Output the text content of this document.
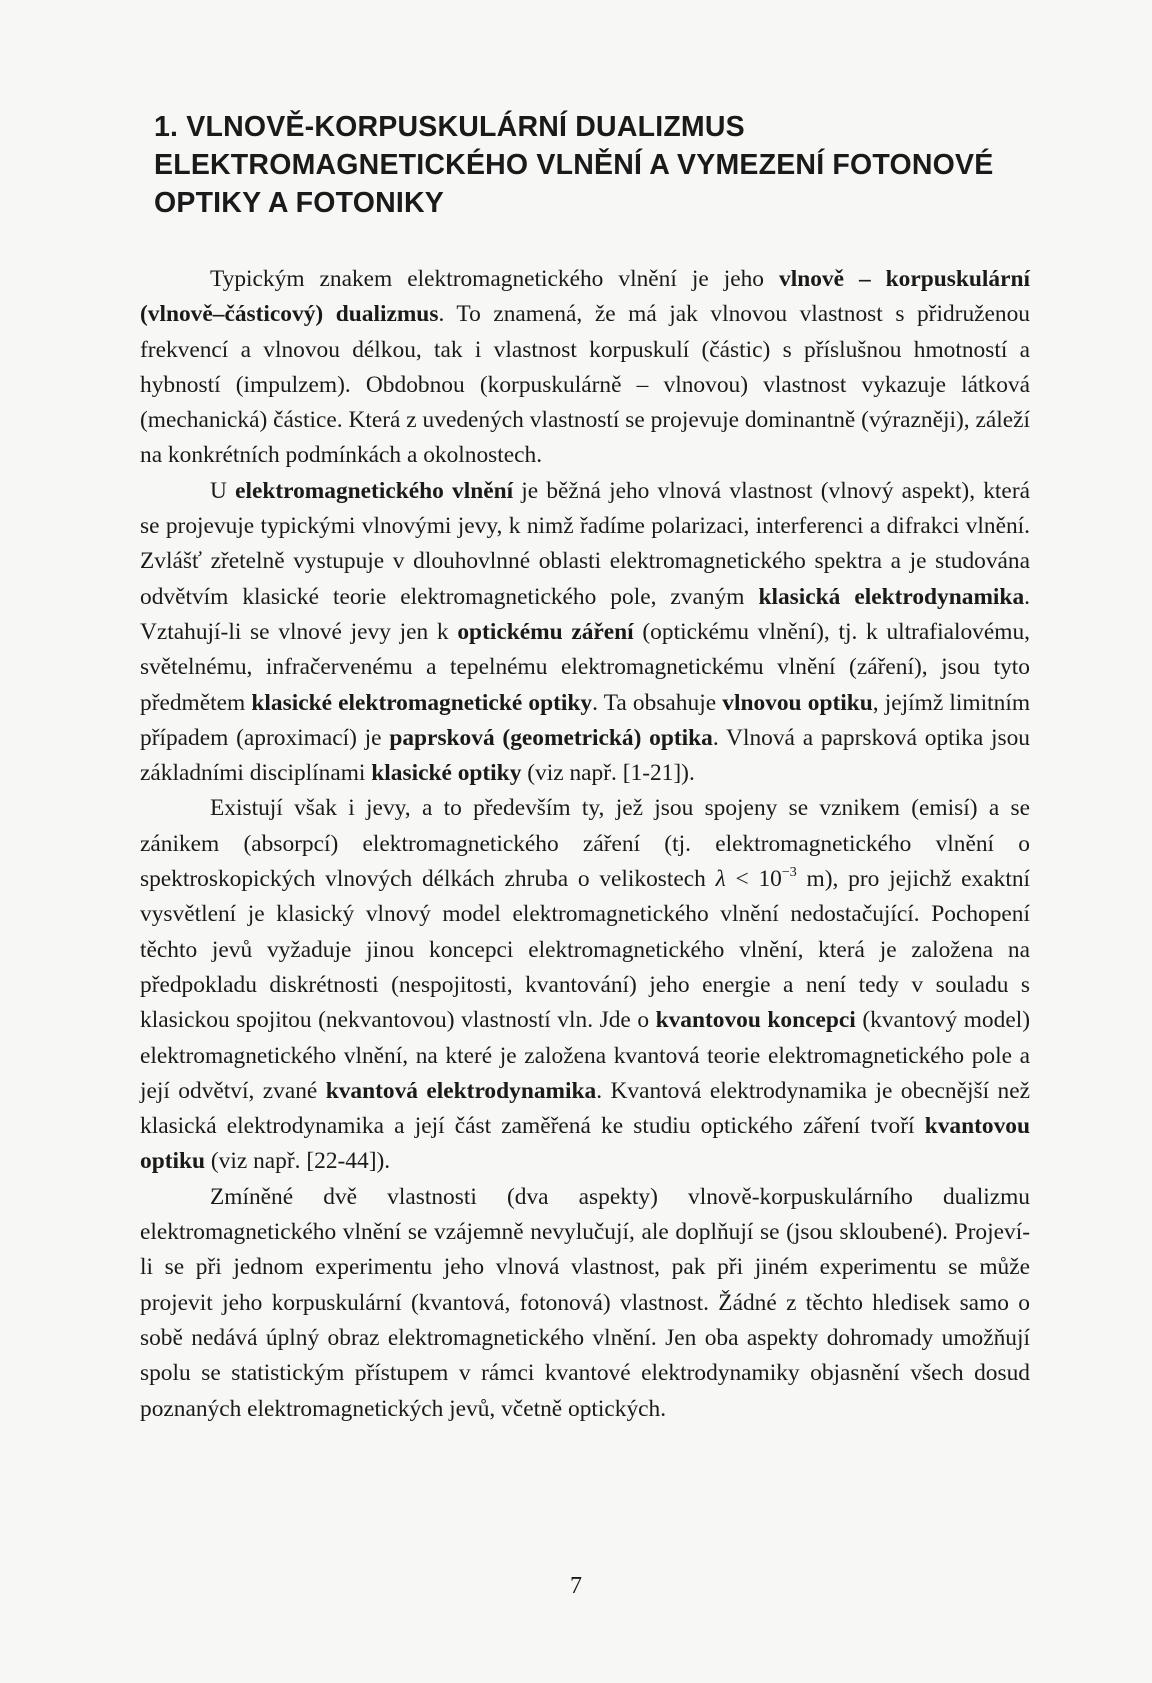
1. VLNOVĚ-KORPUSKULÁRNÍ DUALIZMUS
ELEKTROMAGNETICKÉHO VLNĚNÍ A VYMEZENÍ FOTONOVÉ
OPTIKY A FOTONIKY

Typickým znakem elektromagnetického vlnění je jeho vlnově – korpuskulární (vlnově–částicový) dualizmus. To znamená, že má jak vlnovou vlastnost s přidruženou frekvencí a vlnovou délkou, tak i vlastnost korpuskulí (částic) s příslušnou hmotností a hybností (impulzem). Obdobnou (korpuskulárně – vlnovou) vlastnost vykazuje látková (mechanická) částice. Která z uvedených vlastností se projevuje dominantně (výrazněji), záleží na konkrétních podmínkách a okolnostech.

U elektromagnetického vlnění je běžná jeho vlnová vlastnost (vlnový aspekt), která se projevuje typickými vlnovými jevy, k nimž řadíme polarizaci, interferenci a difrakci vlnění. Zvlášť zřetelně vystupuje v dlouhovlnné oblasti elektromagnetického spektra a je studována odvětvím klasické teorie elektromagnetického pole, zvaným klasická elektrodynamika. Vztahují-li se vlnové jevy jen k optickému záření (optickému vlnění), tj. k ultrafialovému, světelnému, infračervenému a tepelnému elektromagnetickému vlnění (záření), jsou tyto předmětem klasické elektromagnetické optiky. Ta obsahuje vlnovou optiku, jejímž limitním případem (aproximací) je paprsková (geometrická) optika. Vlnová a paprsková optika jsou základními disciplínami klasické optiky (viz např. [1-21]).

Existují však i jevy, a to především ty, jež jsou spojeny se vznikem (emisí) a se zánikem (absorpcí) elektromagnetického záření (tj. elektromagnetického vlnění o spektroskopických vlnových délkách zhruba o velikostech $\lambda < 10^{-3}$ m), pro jejichž exaktní vysvětlení je klasický vlnový model elektromagnetického vlnění nedostačující. Pochopení těchto jevů vyžaduje jinou koncepci elektromagnetického vlnění, která je založena na předpokladu diskrétnosti (nespojitosti, kvantování) jeho energie a není tedy v souladu s klasickou spojitou (nekvantovou) vlastností vln. Jde o kvantovou koncepci (kvantový model) elektromagnetického vlnění, na které je založena kvantová teorie elektromagnetického pole a její odvětví, zvané kvantová elektrodynamika. Kvantová elektrodynamika je obecnější než klasická elektrodynamika a její část zaměřená ke studiu optického záření tvoří kvantovou optiku (viz např. [22-44]).

Zmíněné dvě vlastnosti (dva aspekty) vlnově-korpuskulárního dualizmu elektromagnetického vlnění se vzájemně nevylučují, ale doplňují se (jsou skloubené). Projeví-li se při jednom experimentu jeho vlnová vlastnost, pak při jiném experimentu se může projevit jeho korpuskulární (kvantová, fotonová) vlastnost. Žádné z těchto hledisek samo o sobě nedává úplný obraz elektromagnetického vlnění. Jen oba aspekty dohromady umožňují spolu se statistickým přístupem v rámci kvantové elektrodynamiky objasnění všech dosud poznaných elektromagnetických jevů, včetně optických.

7
